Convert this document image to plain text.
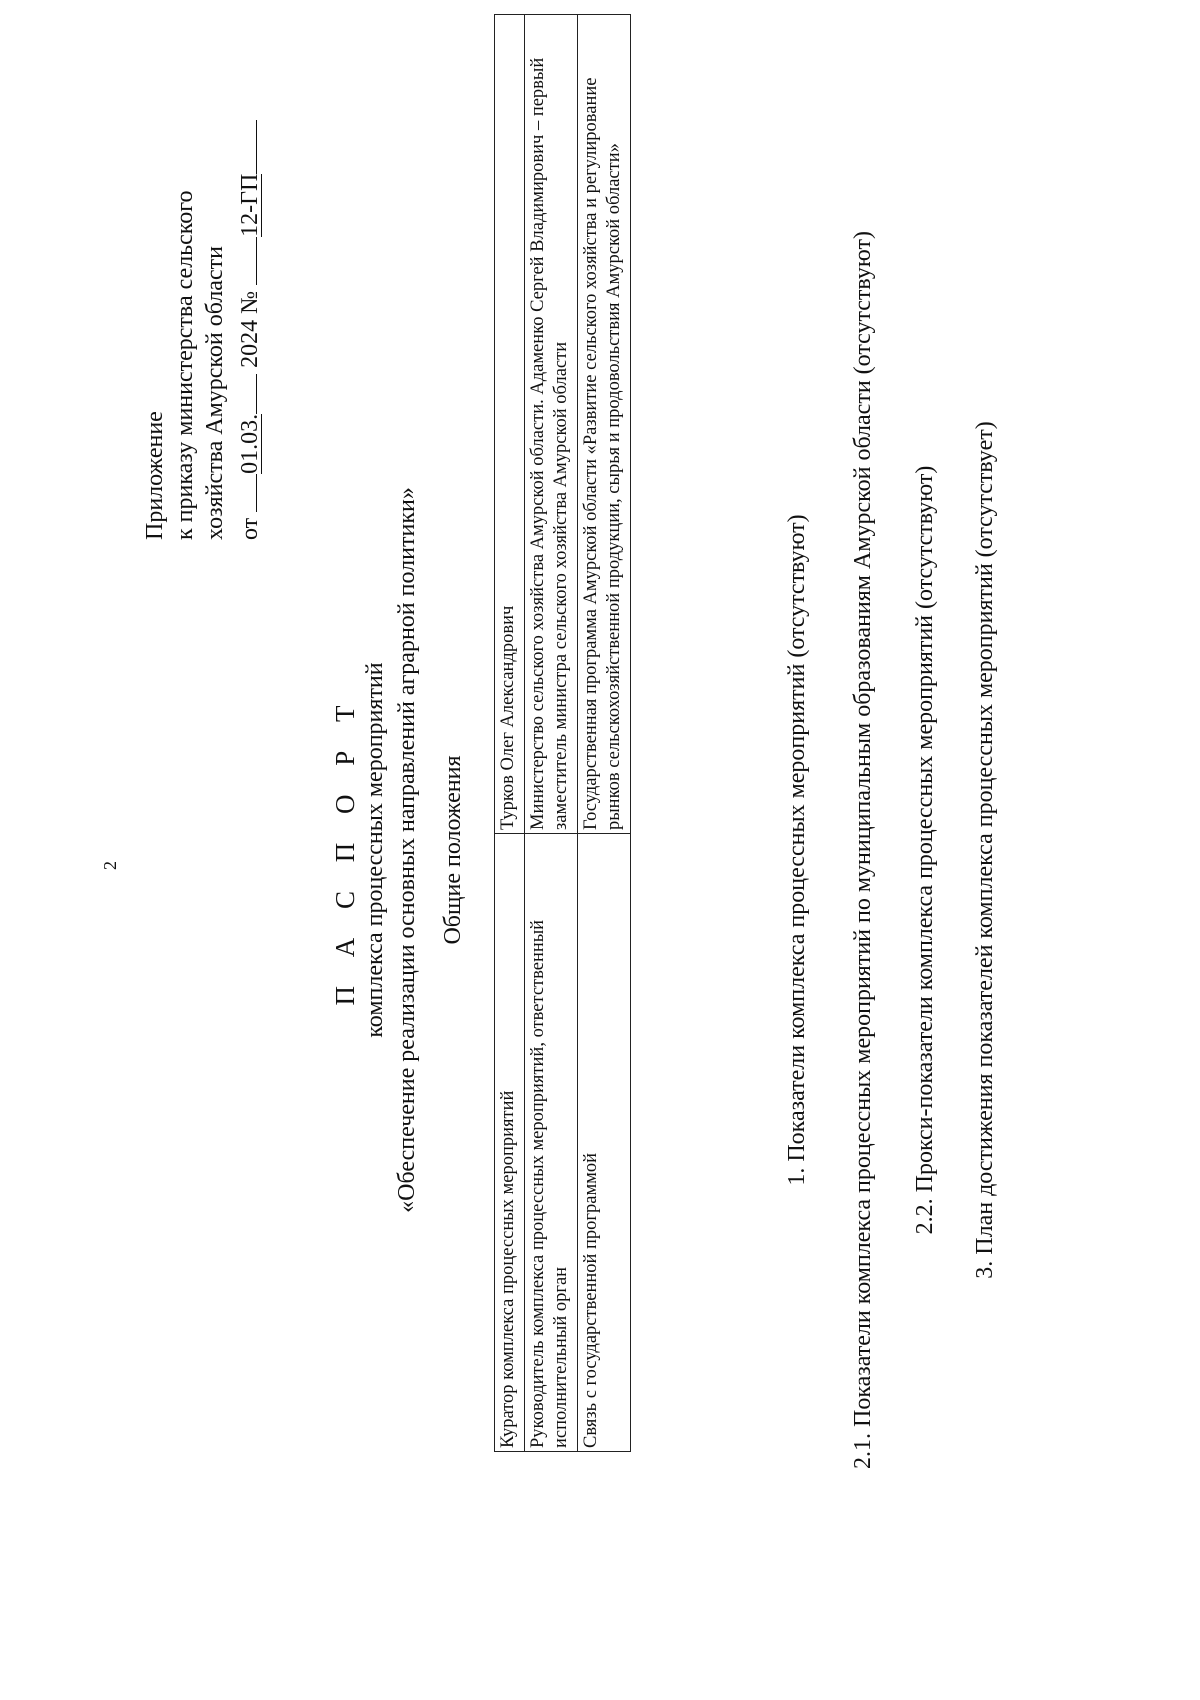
2
Приложение к приказу министерства сельского хозяйства Амурской области от 01.03. 2024 № 12-ГП
П А С П О Р Т комплекса процессных мероприятий «Обеспечение реализации основных направлений аграрной политики» Общие положения
Куратор комплекса процессных мероприятий	Турков Олег Александрович
Руководитель комплекса процессных мероприятий, ответственный исполнительный орган	Министерство сельского хозяйства Амурской области. Адаменко Сергей Владимирович – первый заместитель министра сельского хозяйства Амурской области
Связь с государственной программой	Государственная программа Амурской области «Развитие сельского хозяйства и регулирование рынков сельскохозяйственной продукции, сырья и продовольствия Амурской области»
1. Показатели комплекса процессных мероприятий (отсутствуют) 2.1. Показатели комплекса процессных мероприятий по муниципальным образованиям Амурской области (отсутствуют) 2.2. Прокси-показатели комплекса процессных мероприятий (отсутствуют) 3. План достижения показателей комплекса процессных мероприятий (отсутствует)
